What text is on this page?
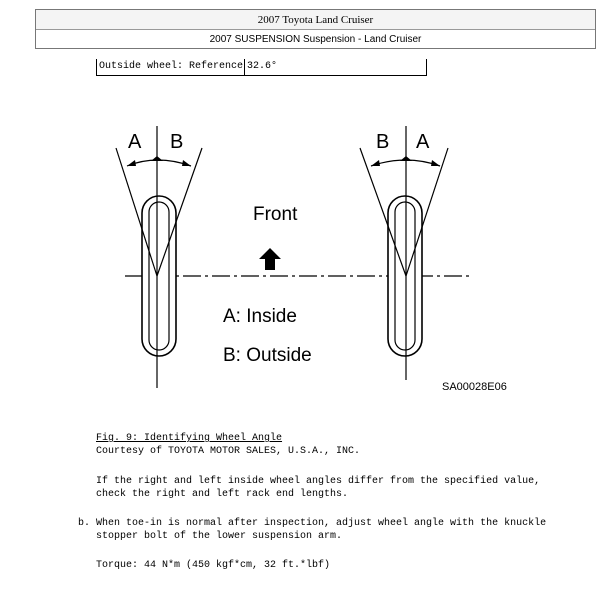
2007 Toyota Land Cruiser
2007 SUSPENSION Suspension - Land Cruiser
Outside wheel: Reference 32.6°
A B	B A
Front
A: Inside
B: Outside
SA00028E06
Fig. 9: Identifying Wheel Angle
Courtesy of TOYOTA MOTOR SALES, U.S.A., INC.
If the right and left inside wheel angles differ from the specified value,
check the right and left rack end lengths.
b. When toe-in is normal after inspection, adjust wheel angle with the knuckle
stopper bolt of the lower suspension arm.
Torque: 44 N*m (450 kgf*cm, 32 ft.*lbf)
